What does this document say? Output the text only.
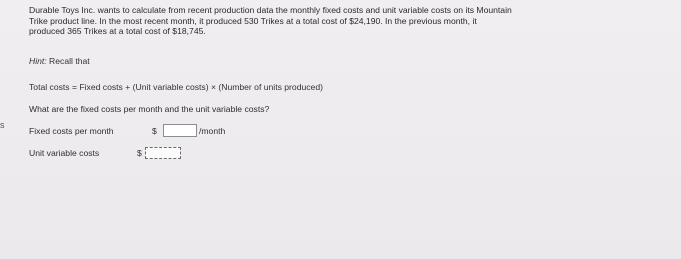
s
Durable Toys Inc. wants to calculate from recent production data the monthly fixed costs and unit variable costs on its Mountain
Trike product line. In the most recent month, it produced 530 Trikes at a total cost of $24,190. In the previous month, it
produced 365 Trikes at a total cost of $18,745.
Hint: Recall that
Total costs = Fixed costs + (Unit variable costs) × (Number of units produced)
What are the fixed costs per month and the unit variable costs?
Fixed costs per month	$	/month
Unit variable costs	$
